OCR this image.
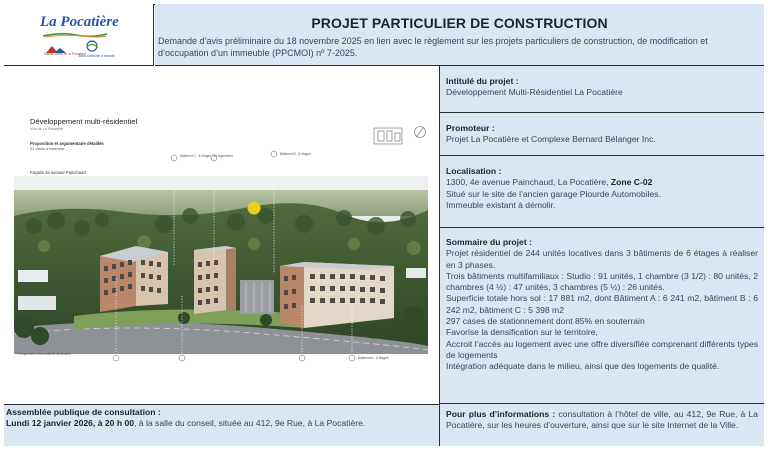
La Pocatière
Sainte-Anne de la Pocatière
Saint-Onésime d'Ixworth
PROJET PARTICULIER DE CONSTRUCTION

Demande d’avis préliminaire du 18 novembre 2025 en lien avec le règlement sur les projets particuliers de construction, de modification et d’occupation d’un immeuble (PPCMOI) nº 7-2025.

Développement multi-résidentiel
Ville de La Pocatière
Proposition et argumentaire détaillés
S1 Vision d'ensemble
Façade 4e avenue Painchaud
Bâtiment C - 6 étages - 61 logements	Bâtiment B - 6 étages
Bâtiment A - 6 étages
* Perspective à titre indicatif seulement
Intitulé du projet :
Développement Multi-Résidentiel La Pocatière
Promoteur :
Projet La Pocatière et Complexe Bernard Bélanger Inc.
Localisation :
1300, 4e avenue Painchaud, La Pocatière, Zone C-02
Situé sur le site de l’ancien garage Plourde Automobiles.
Immeuble existant à démolir.
Sommaire du projet :
Projet résidentiel de 244 unités locatives dans 3 bâtiments de 6 étages à réaliser en 3 phases.
Trois bâtiments multifamiliaux : Studio : 91 unités, 1 chambre (3 1/2) : 80 unités, 2 chambres (4 ½) : 47 unités, 3 chambres (5 ½) : 26 unités.
Superficie totale hors sol : 17 881 m2, dont Bâtiment A : 6 241 m2, bâtiment B : 6 242 m2, bâtiment C : 5 398 m2
297 cases de stationnement dont 85% en souterrain
Favorise la densification sur le territoire,
Accroit l’accès au logement avec une offre diversifiée comprenant différents types de logements
Intégration adéquate dans le milieu, ainsi que des logements de qualité.
Assemblée publique de consultation :
Lundi 12 janvier 2026, à 20 h 00, à la salle du conseil, située au 412, 9e Rue, à La Pocatière.
Pour plus d’informations : consultation à l’hôtel de ville, au 412, 9e Rue, à La Pocatière, sur les heures d’ouverture, ainsi que sur le site Internet de la Ville.
